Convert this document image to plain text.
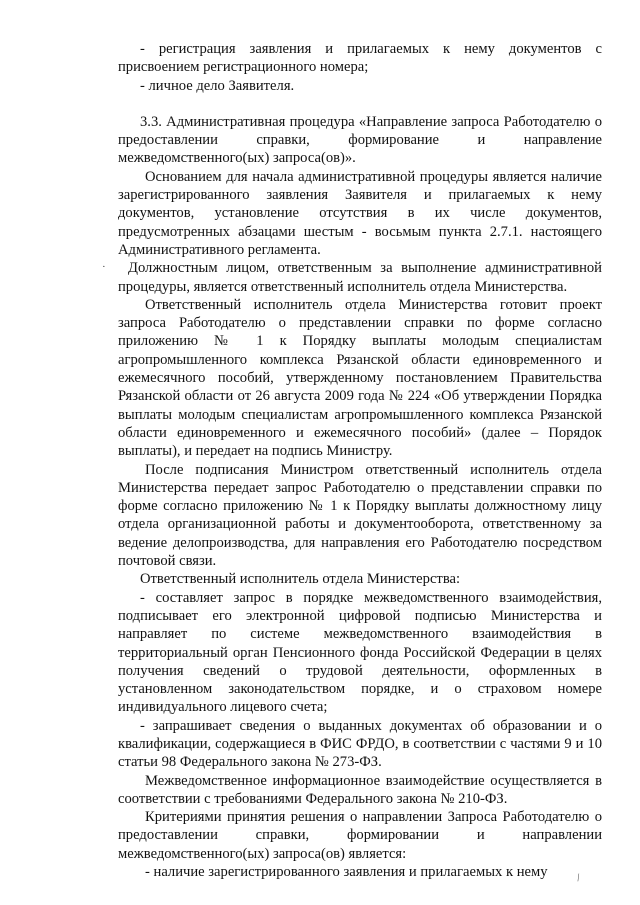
- регистрация заявления и прилагаемых к нему документов с присвоением регистрационного номера;

- личное дело Заявителя.

3.3. Административная процедура «Направление запроса Работодателю о предоставлении справки, формирование и направление межведомственного(ых) запроса(ов)».

Основанием для начала административной процедуры является наличие зарегистрированного заявления Заявителя и прилагаемых к нему документов, установление отсутствия в их числе документов, предусмотренных абзацами шестым - восьмым пункта 2.7.1. настоящего Административного регламента.

Должностным лицом, ответственным за выполнение административной процедуры, является ответственный исполнитель отдела Министерства.

Ответственный исполнитель отдела Министерства готовит проект запроса Работодателю о представлении справки по форме согласно приложению № 1 к Порядку выплаты молодым специалистам агропромышленного комплекса Рязанской области единовременного и ежемесячного пособий, утвержденному постановлением Правительства Рязанской области от 26 августа 2009 года № 224 «Об утверждении Порядка выплаты молодым специалистам агропромышленного комплекса Рязанской области единовременного и ежемесячного пособий» (далее – Порядок выплаты), и передает на подпись Министру.

После подписания Министром ответственный исполнитель отдела Министерства передает запрос Работодателю о представлении справки по форме согласно приложению № 1 к Порядку выплаты должностному лицу отдела организационной работы и документооборота, ответственному за ведение делопроизводства, для направления его Работодателю посредством почтовой связи.

Ответственный исполнитель отдела Министерства:

- составляет запрос в порядке межведомственного взаимодействия, подписывает его электронной цифровой подписью Министерства и направляет по системе межведомственного взаимодействия в территориальный орган Пенсионного фонда Российской Федерации в целях получения сведений о трудовой деятельности, оформленных в установленном законодательством порядке, и о страховом номере индивидуального лицевого счета;

- запрашивает сведения о выданных документах об образовании и о квалификации, содержащиеся в ФИС ФРДО, в соответствии с частями 9 и 10 статьи 98 Федерального закона № 273-ФЗ.

Межведомственное информационное взаимодействие осуществляется в соответствии с требованиями Федерального закона № 210-ФЗ.

Критериями принятия решения о направлении Запроса Работодателю о предоставлении справки, формировании и направлении межведомственного(ых) запроса(ов) является:

- наличие зарегистрированного заявления и прилагаемых к нему

·
/
